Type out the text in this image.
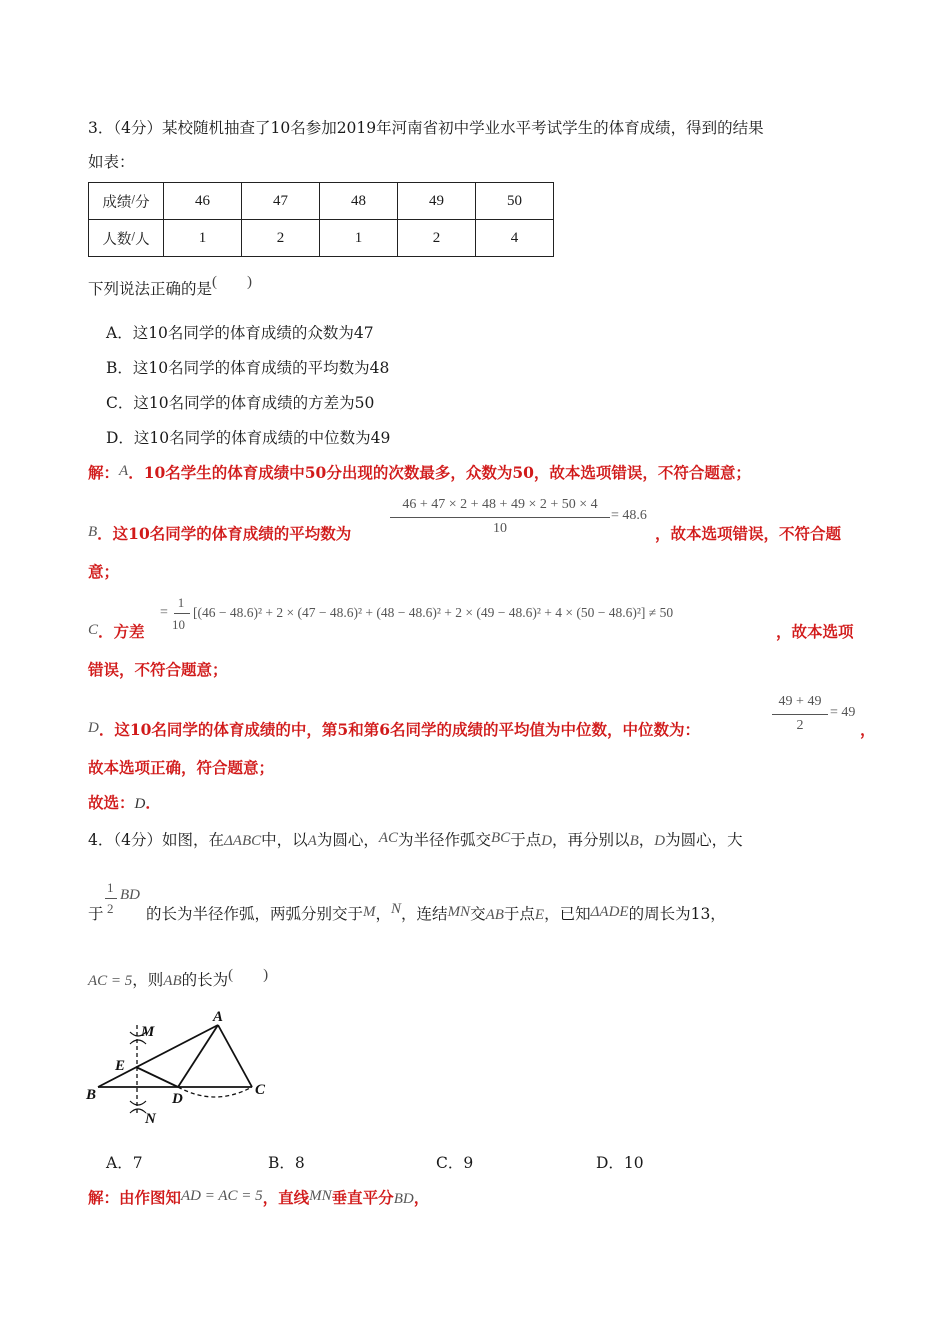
3．（4分）某校随机抽查了10名参加2019年河南省初中学业水平考试学生的体育成绩，得到的结果
如表：
成绩/分	46	47	48	49	50
人数/人	1	2	1	2	4
下列说法正确的是(　　)
A．这10名同学的体育成绩的众数为47
B．这10名同学的体育成绩的平均数为48
C．这10名同学的体育成绩的方差为50
D．这10名同学的体育成绩的中位数为49
解：A．10名学生的体育成绩中50分出现的次数最多，众数为50，故本选项错误，不符合题意；
46 + 47 × 2 + 48 + 49 × 2 + 50 × 4
10
= 48.6
B．这10名同学的体育成绩的平均数为	，故本选项错误，不符合题
意；
C．方差
=
1
10
[(46 − 48.6)² + 2 × (47 − 48.6)² + (48 − 48.6)² + 2 × (49 − 48.6)² + 4 × (50 − 48.6)²] ≠ 50
，故本选项
错误，不符合题意；
49 + 49
2
= 49
D．这10名同学的体育成绩的中，第5和第6名同学的成绩的平均值为中位数，中位数为：	，
故本选项正确，符合题意；
故选：D．
4．（4分）如图，在ΔABC中，以A为圆心，AC为半径作弧交BC于点D，再分别以B，D为圆心，大
于
1
2
BD
的长为半径作弧，两弧分别交于M，N，连结MN交AB于点E，已知ΔADE的周长为13，
AC = 5，则AB的长为(　　)
A
B	C
D
E
M
N
A．7	B．8	C．9	D．10
解：由作图知AD = AC = 5，直线MN垂直平分BD，
